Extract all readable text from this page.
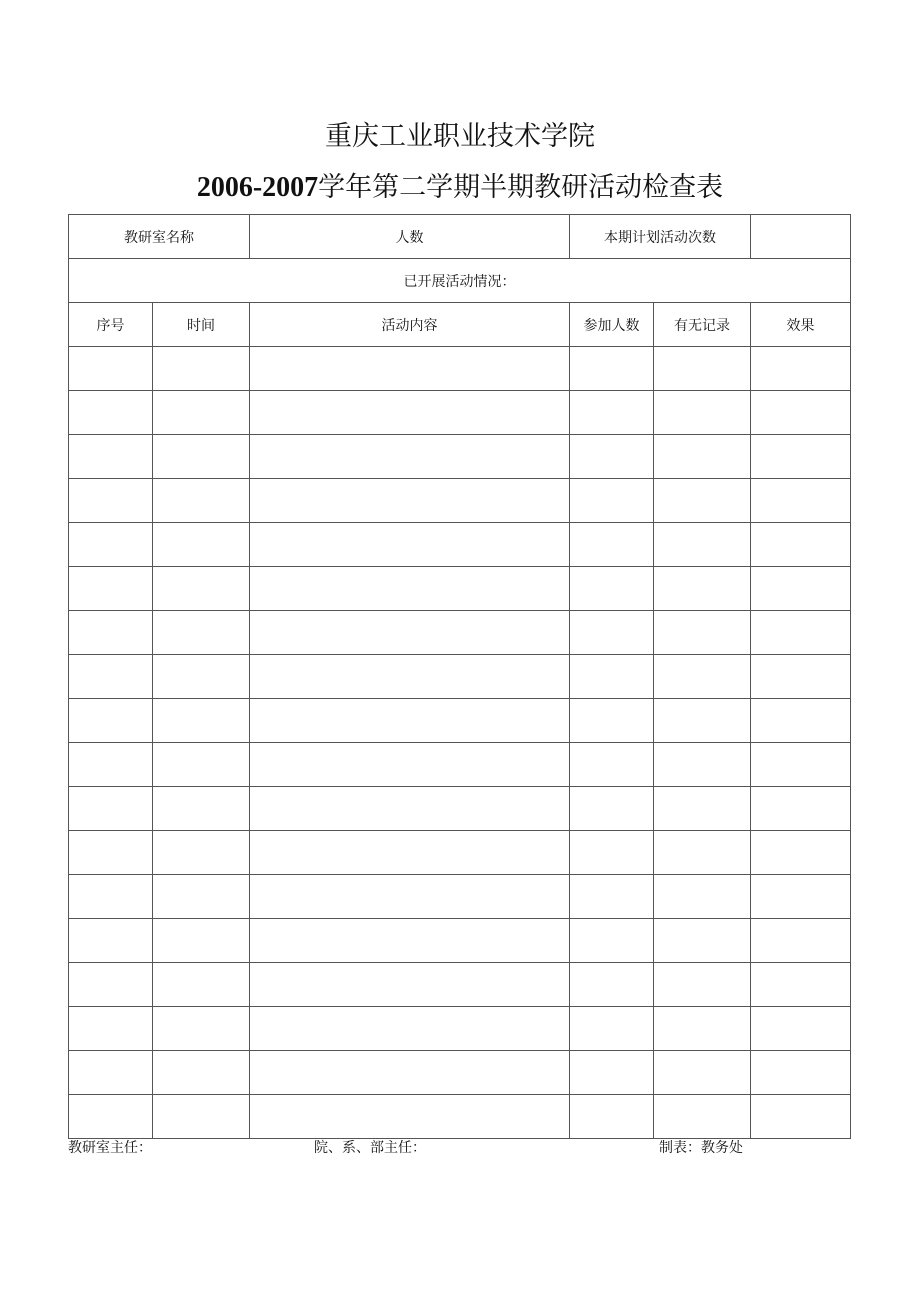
重庆工业职业技术学院
2006-2007学年第二学期半期教研活动检查表
教研室名称		人数	本期计划活动次数		
已开展活动情况：					
序号	时间	活动内容	参加人数	有无记录	效果

教研室主任：	院、系、部主任：	制表：教务处
